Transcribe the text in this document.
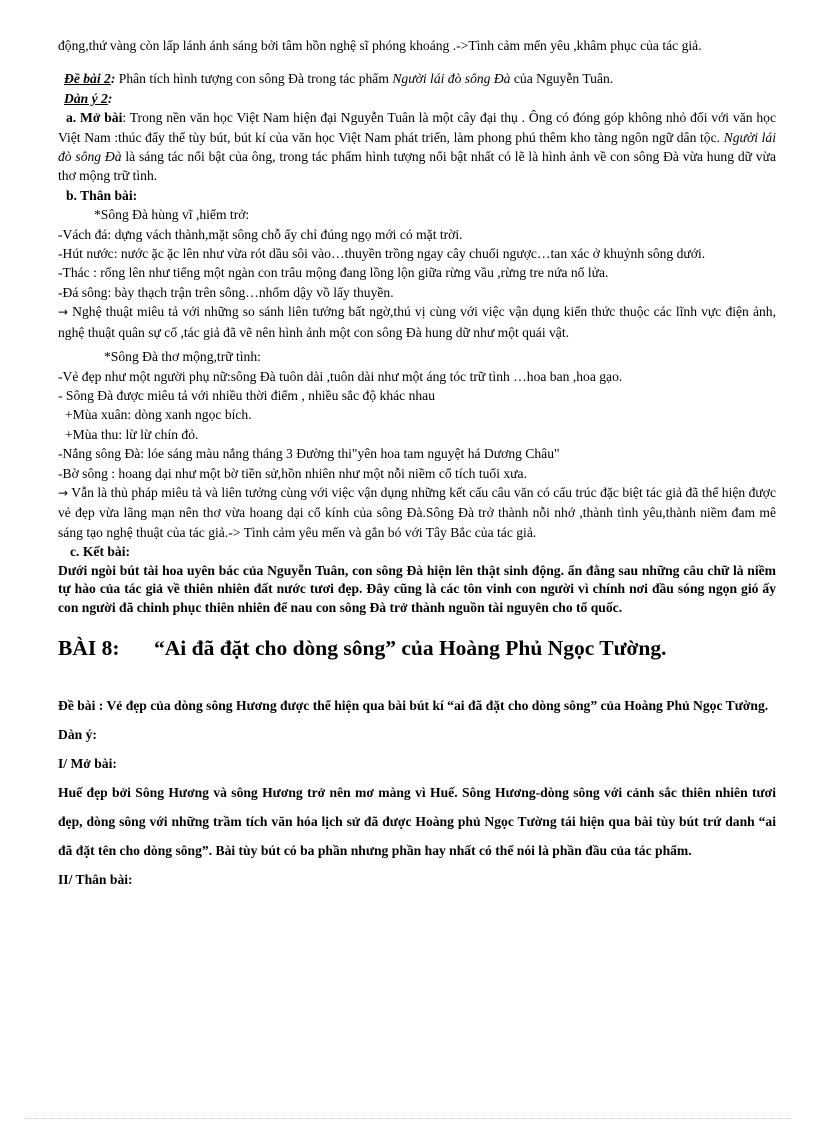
động,thứ vàng còn lấp lánh ánh sáng bởi tâm hồn nghệ sĩ phóng khoáng .->Tình cảm mến yêu ,khâm phục của tác giả.

Đề bài 2: Phân tích hình tượng con sông Đà trong tác phẩm Người lái đò sông Đà của Nguyễn Tuân.

Dàn ý 2:

a. Mở bài: Trong nền văn học Việt Nam hiện đại Nguyễn Tuân là một cây đại thụ . Ông có đóng góp không nhỏ đối với văn học Việt Nam :thúc đẩy thể tùy bút, bút kí của văn học Việt Nam phát triển, làm phong phú thêm kho tàng ngôn ngữ dân tộc. Người lái đò sông Đà là sáng tác nổi bật của ông, trong tác phẩm hình tượng nổi bật nhất có lẽ là hình ảnh về con sông Đà vừa hung dữ vừa thơ mộng trữ tình.

b. Thân bài:

*Sông Đà hùng vĩ ,hiểm trở:

-Vách đá: dựng vách thành,mặt sông chỗ ấy chỉ đúng ngọ mới có mặt trời.

-Hút nước: nước ặc ặc lên như vừa rót dầu sôi vào…thuyền trồng ngay cây chuối ngược…tan xác ở khuỷnh sông dưới.

-Thác : rống lên như tiếng một ngàn con trâu mộng đang lồng lộn giữa rừng vầu ,rừng tre nứa nổ lửa.

-Đá sông: bày thạch trận trên sông…nhổm dậy vồ lấy thuyền.

→ Nghệ thuật miêu tả với những so sánh liên tưởng bất ngờ,thú vị cùng với việc vận dụng kiến thức thuộc các lĩnh vực điện ảnh, nghệ thuật quân sự cổ ,tác giả đã vẽ nên hình ảnh một con sông Đà hung dữ như một quái vật.

*Sông Đà thơ mộng,trữ tình:

-Vẻ đẹp như một người phụ nữ:sông Đà tuôn dài ,tuôn dài như một áng tóc trữ tình …hoa ban ,hoa gạo.

- Sông Đà được miêu tả với nhiều thời điểm , nhiều sắc độ khác nhau

+Mùa xuân: dòng xanh ngọc bích.

+Mùa thu: lừ lừ chín đỏ.

-Nắng sông Đà: lóe sáng màu nắng tháng 3 Đường thi"yên hoa tam nguyệt há Dương Châu"

-Bờ sông : hoang dại như một bờ tiền sử,hồn nhiên như một nỗi niềm cổ tích tuổi xưa.

→ Vẫn là thủ pháp miêu tả và liên tưởng cùng với việc vận dụng những kết cấu câu văn có cấu trúc đặc biệt tác giả đã thể hiện được vẻ đẹp vừa lãng mạn nên thơ vừa hoang dại cổ kính của sông Đà.Sông Đà trở thành nỗi nhớ ,thành tình yêu,thành niềm đam mê sáng tạo nghệ thuật của tác giả.-> Tình cảm yêu mến và gắn bó với Tây Bắc của tác giả.

c. Kết bài:

Dưới ngòi bút tài hoa uyên bác của Nguyễn Tuân, con sông Đà hiện lên thật sinh động. ẩn đằng sau những câu chữ là niềm tự hào của tác giả về thiên nhiên đất nước tươi đẹp. Đây cũng là các tôn vinh con người vì chính nơi đầu sóng ngọn gió ấy con người đã chinh phục thiên nhiên để nau con sông Đà trở thành nguồn tài nguyên cho tổ quốc.

BÀI 8: “Ai đã đặt cho dòng sông” của Hoàng Phủ Ngọc Tường.

Đề bài : Vẻ đẹp của dòng sông Hương được thể hiện qua bài bút kí “ai đã đặt cho dòng sông” của Hoàng Phủ Ngọc Tường.

Dàn ý:

I/ Mở bài:

Huế đẹp bởi Sông Hương và sông Hương trở nên mơ màng vì Huế. Sông Hương-dòng sông với cảnh sắc thiên nhiên tươi đẹp, dòng sông với những trầm tích văn hóa lịch sử đã được Hoàng phủ Ngọc Tường tái hiện qua bài tùy bút trứ danh “ai đã đặt tên cho dòng sông”. Bài tùy bút có ba phần nhưng phần hay nhất có thể nói là phần đầu của tác phẩm.

II/ Thân bài:
